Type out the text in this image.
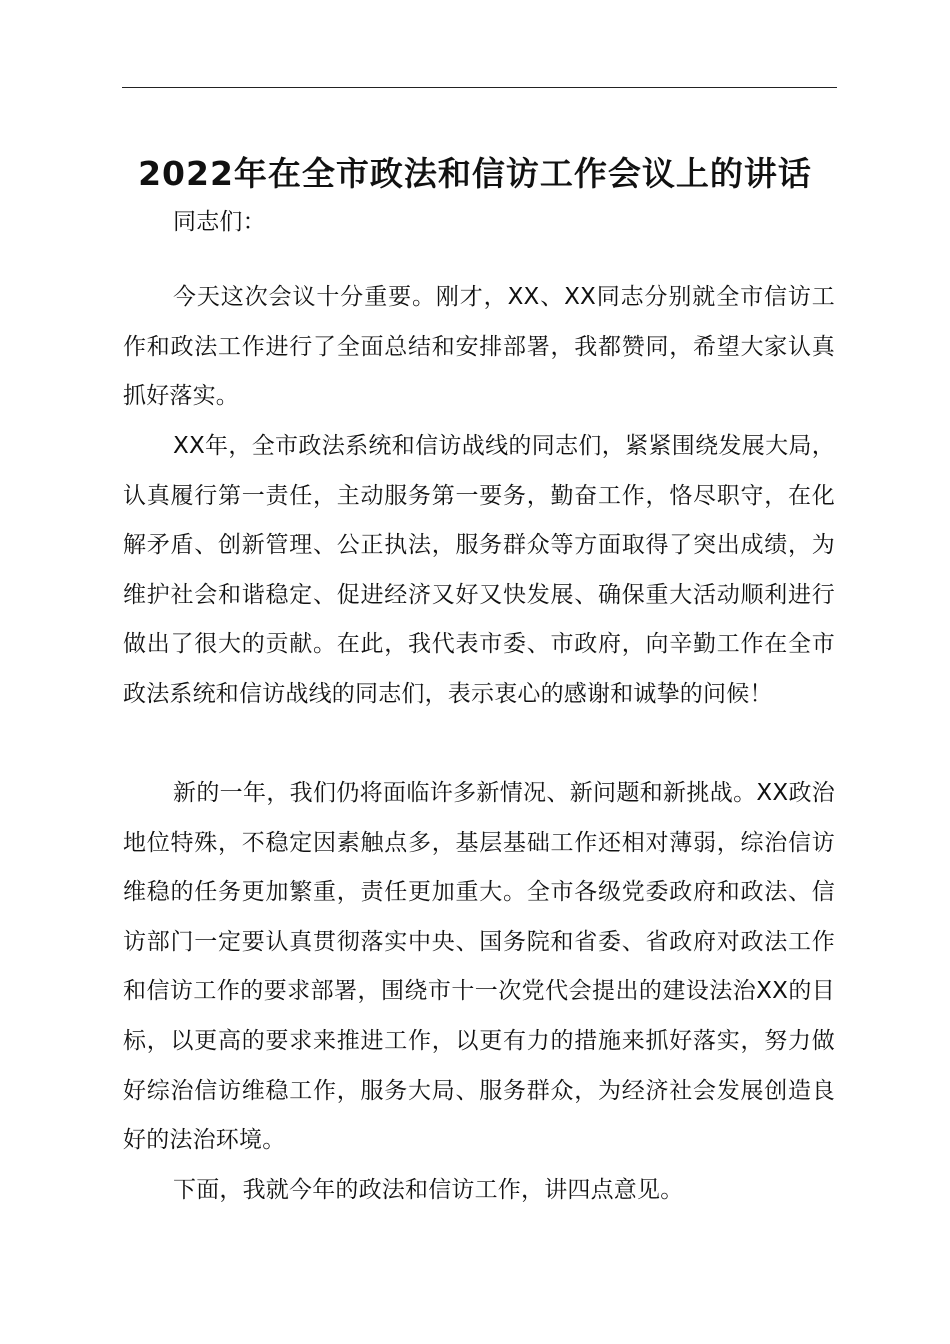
2022年在全市政法和信访工作会议上的讲话

同志们：

今天这次会议十分重要。刚才，XX、XX同志分别就全市信访工作和政法工作进行了全面总结和安排部署，我都赞同，希望大家认真抓好落实。

XX年，全市政法系统和信访战线的同志们，紧紧围绕发展大局，认真履行第一责任，主动服务第一要务，勤奋工作，恪尽职守，在化解矛盾、创新管理、公正执法，服务群众等方面取得了突出成绩，为维护社会和谐稳定、促进经济又好又快发展、确保重大活动顺利进行做出了很大的贡献。在此，我代表市委、市政府，向辛勤工作在全市政法系统和信访战线的同志们，表示衷心的感谢和诚挚的问候！

新的一年，我们仍将面临许多新情况、新问题和新挑战。XX政治地位特殊，不稳定因素触点多，基层基础工作还相对薄弱，综治信访维稳的任务更加繁重，责任更加重大。全市各级党委政府和政法、信访部门一定要认真贯彻落实中央、国务院和省委、省政府对政法工作和信访工作的要求部署，围绕市十一次党代会提出的建设法治XX的目标，以更高的要求来推进工作，以更有力的措施来抓好落实，努力做好综治信访维稳工作，服务大局、服务群众，为经济社会发展创造良好的法治环境。

下面，我就今年的政法和信访工作，讲四点意见。
